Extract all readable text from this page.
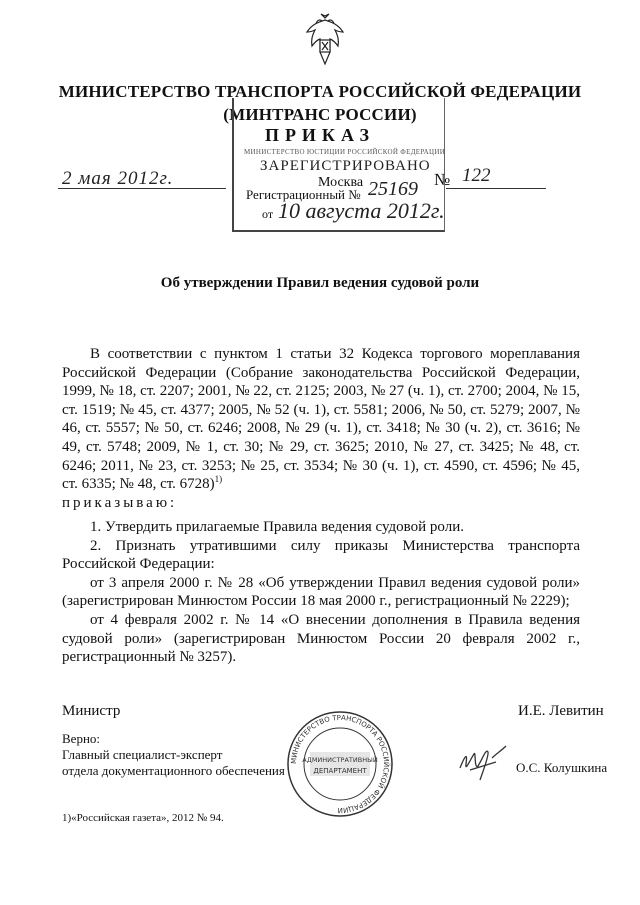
МИНИСТЕРСТВО ТРАНСПОРТА РОССИЙСКОЙ ФЕДЕРАЦИИ
(МИНТРАНС РОССИИ)
ПРИКАЗ
МИНИСТЕРСТВО ЮСТИЦИИ РОССИЙСКОЙ ФЕДЕРАЦИИ
ЗАРЕГИСТРИРОВАНО
Москва
Регистрационный № 25169
от 10 августа 2012г.
2 мая 2012г.	№ 122
Об утверждении Правил ведения судовой роли
В соответствии с пунктом 1 статьи 32 Кодекса торгового мореплавания Российской Федерации (Собрание законодательства Российской Федерации, 1999, № 18, ст. 2207; 2001, № 22, ст. 2125; 2003, № 27 (ч. 1), ст. 2700; 2004, № 15, ст. 1519; № 45, ст. 4377; 2005, № 52 (ч. 1), ст. 5581; 2006, № 50, ст. 5279; 2007, № 46, ст. 5557; № 50, ст. 6246; 2008, № 29 (ч. 1), ст. 3418; № 30 (ч. 2), ст. 3616; № 49, ст. 5748; 2009, № 1, ст. 30; № 29, ст. 3625; 2010, № 27, ст. 3425; № 48, ст. 6246; 2011, № 23, ст. 3253; № 25, ст. 3534; № 30 (ч. 1), ст. 4590, ст. 4596; № 45, ст. 6335; № 48, ст. 6728)$^{1)}$
приказываю:

1. Утвердить прилагаемые Правила ведения судовой роли.

2. Признать утратившими силу приказы Министерства транспорта Российской Федерации:

от 3 апреля 2000 г. № 28 «Об утверждении Правил ведения судовой роли» (зарегистрирован Минюстом России 18 мая 2000 г., регистрационный № 2229);

от 4 февраля 2002 г. № 14 «О внесении дополнения в Правила ведения судовой роли» (зарегистрирован Минюстом России 20 февраля 2002 г., регистрационный № 3257).

Министр	И.Е. Левитин
Верно:
Главный специалист-эксперт
отдела документационного обеспечения
МИНИСТЕРСТВО ТРАНСПОРТА РОССИЙСКОЙ ФЕДЕРАЦИИ
АДМИНИСТРАТИВНЫЙ
ДЕПАРТАМЕНТ	О.С. Колушкина
1)«Российская газета», 2012 № 94.
